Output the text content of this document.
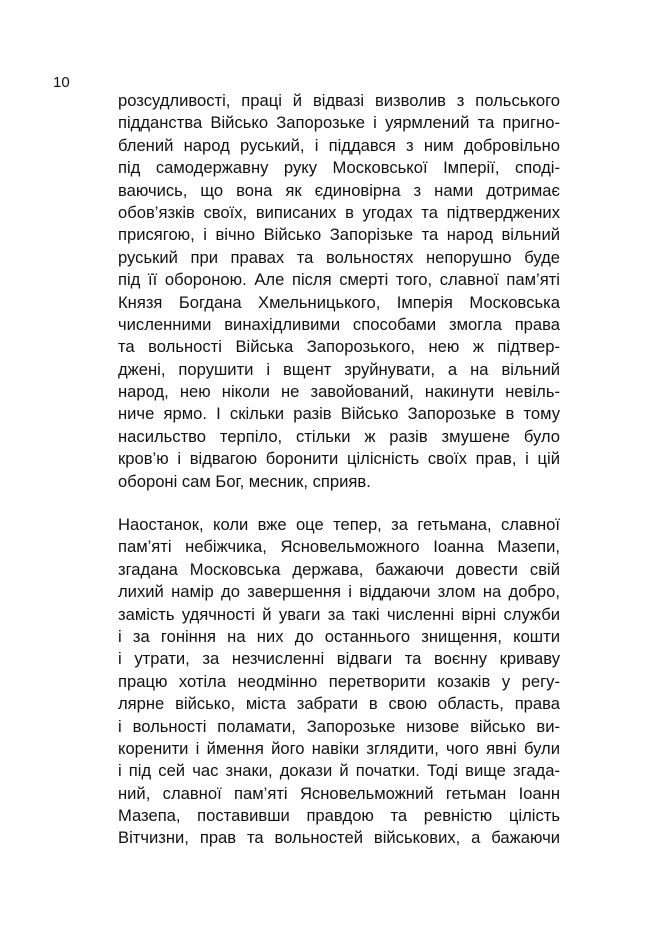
10
розсудливості, праці й відвазі визволив з польського
підданства Військо Запорозьке і уярмлений та пригно-
блений народ руський, і піддався з ним добровільно
під самодержавну руку Московської Імперії, споді-
ваючись, що вона як єдиновірна з нами дотримає
обов’язків своїх, виписаних в угодах та підтверджених
присягою, і вічно Військо Запорізьке та народ вільний
руський при правах та вольностях непорушно буде
під її обороною. Але після смерті того, славної пам’яті
Князя Богдана Хмельницького, Імперія Московська
численними винахідливими способами змогла права
та вольності Війська Запорозького, нею ж підтвер-
джені, порушити і вщент зруйнувати, а на вільний
народ, нею ніколи не завойований, накинути невіль-
ниче ярмо. І скільки разів Військо Запорозьке в тому
насильство терпіло, стільки ж разів змушене було
кров’ю і відвагою боронити цілісність своїх прав, і цій
обороні сам Бог, месник, сприяв.
Наостанок, коли вже оце тепер, за гетьмана, славної
пам’яті небіжчика, Ясновельможного Іоанна Мазепи,
згадана Московська держава, бажаючи довести свій
лихий намір до завершення і віддаючи злом на добро,
замість удячності й уваги за такі численні вірні служби
і за гоніння на них до останнього знищення, кошти
і утрати, за незчисленні відваги та воєнну криваву
працю хотіла неодмінно перетворити козаків у регу-
лярне військо, міста забрати в свою область, права
і вольності поламати, Запорозьке низове військо ви-
коренити і ймення його навіки зглядити, чого явні були
і під сей час знаки, докази й початки. Тоді вище згада-
ний, славної пам’яті Ясновельможний гетьман Іоанн
Мазепа, поставивши правдою та ревністю цілість
Вітчизни, прав та вольностей військових, а бажаючи
